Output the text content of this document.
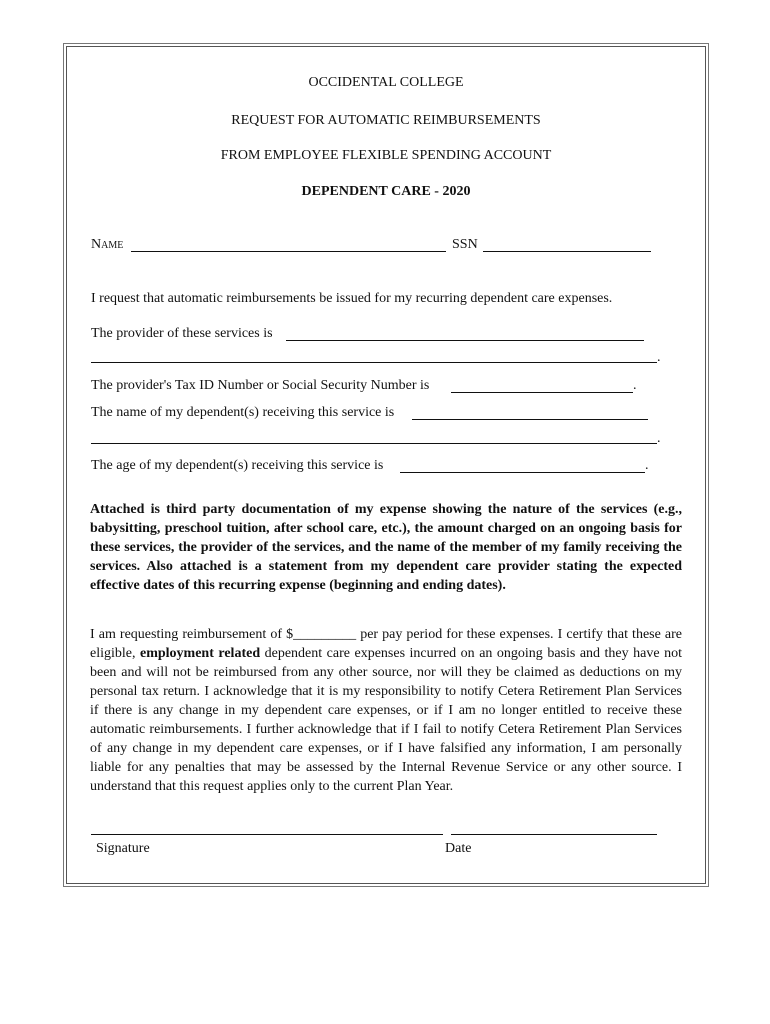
OCCIDENTAL COLLEGE
REQUEST FOR AUTOMATIC REIMBURSEMENTS
FROM EMPLOYEE FLEXIBLE SPENDING ACCOUNT
DEPENDENT CARE - 2020
Name	SSN
I request that automatic reimbursements be issued for my recurring dependent care expenses.
The provider of these services is
.
The provider's Tax ID Number or Social Security Number is	.
The name of my dependent(s) receiving this service is
.
The age of my dependent(s) receiving this service is	.
Attached is third party documentation of my expense showing the nature of the services (e.g., babysitting, preschool tuition, after school care, etc.), the amount charged on an ongoing basis for these services, the provider of the services, and the name of the member of my family receiving the services. Also attached is a statement from my dependent care provider stating the expected effective dates of this recurring expense (beginning and ending dates).
I am requesting reimbursement of $_________ per pay period for these expenses. I certify that these are eligible, employment related dependent care expenses incurred on an ongoing basis and they have not been and will not be reimbursed from any other source, nor will they be claimed as deductions on my personal tax return. I acknowledge that it is my responsibility to notify Cetera Retirement Plan Services if there is any change in my dependent care expenses, or if I am no longer entitled to receive these automatic reimbursements. I further acknowledge that if I fail to notify Cetera Retirement Plan Services of any change in my dependent care expenses, or if I have falsified any information, I am personally liable for any penalties that may be assessed by the Internal Revenue Service or any other source. I understand that this request applies only to the current Plan Year.
Signature	Date
